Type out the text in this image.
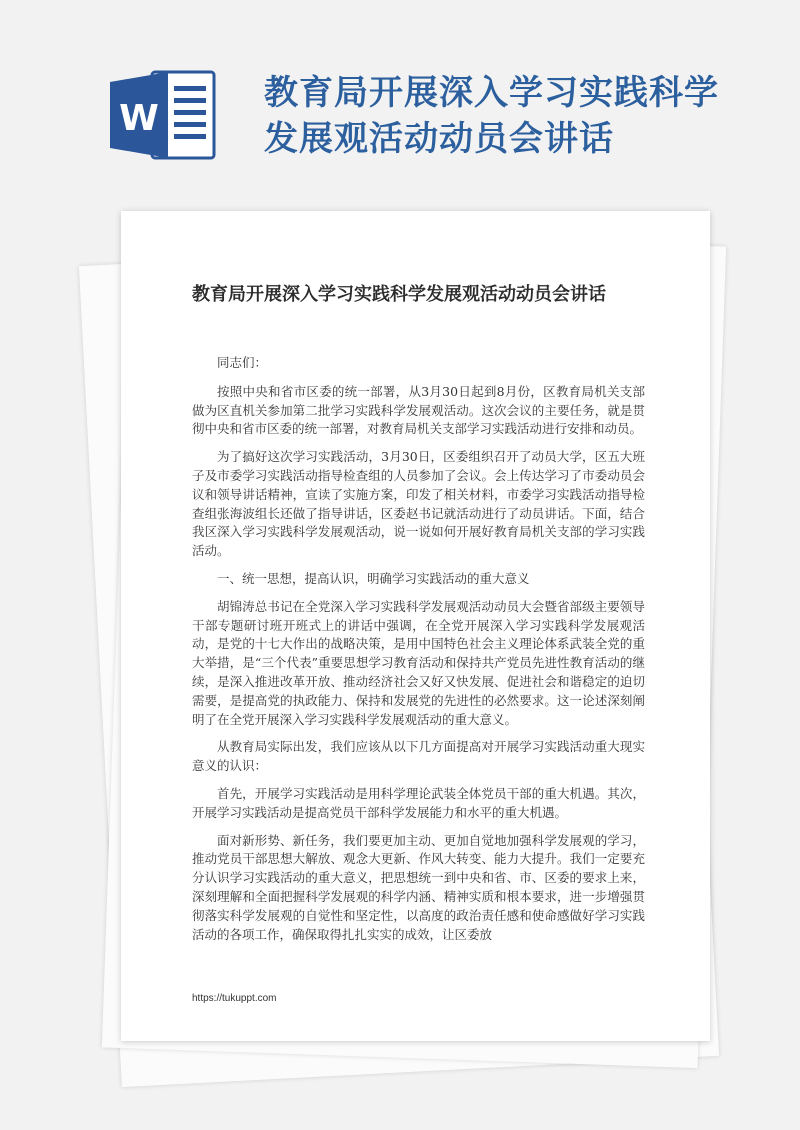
W
教育局开展深入学习实践科学
发展观活动动员会讲话
教育局开展深入学习实践科学发展观活动动员会讲话

同志们：

按照中央和省市区委的统一部署，从3月30日起到8月份，区教育局机关支部做为区直机关参加第二批学习实践科学发展观活动。这次会议的主要任务，就是贯彻中央和省市区委的统一部署，对教育局机关支部学习实践活动进行安排和动员。

为了搞好这次学习实践活动，3月30日，区委组织召开了动员大学，区五大班子及市委学习实践活动指导检查组的人员参加了会议。会上传达学习了市委动员会议和领导讲话精神，宣读了实施方案，印发了相关材料，市委学习实践活动指导检查组张海波组长还做了指导讲话，区委赵书记就活动进行了动员讲话。下面，结合我区深入学习实践科学发展观活动，说一说如何开展好教育局机关支部的学习实践活动。

一、统一思想，提高认识，明确学习实践活动的重大意义

胡锦涛总书记在全党深入学习实践科学发展观活动动员大会暨省部级主要领导干部专题研讨班开班式上的讲话中强调，在全党开展深入学习实践科学发展观活动，是党的十七大作出的战略决策，是用中国特色社会主义理论体系武装全党的重大举措，是“三个代表”重要思想学习教育活动和保持共产党员先进性教育活动的继续，是深入推进改革开放、推动经济社会又好又快发展、促进社会和谐稳定的迫切需要，是提高党的执政能力、保持和发展党的先进性的必然要求。这一论述深刻阐明了在全党开展深入学习实践科学发展观活动的重大意义。

从教育局实际出发，我们应该从以下几方面提高对开展学习实践活动重大现实意义的认识：

首先，开展学习实践活动是用科学理论武装全体党员干部的重大机遇。其次，开展学习实践活动是提高党员干部科学发展能力和水平的重大机遇。

面对新形势、新任务，我们要更加主动、更加自觉地加强科学发展观的学习，推动党员干部思想大解放、观念大更新、作风大转变、能力大提升。我们一定要充分认识学习实践活动的重大意义，把思想统一到中央和省、市、区委的要求上来，深刻理解和全面把握科学发展观的科学内涵、精神实质和根本要求，进一步增强贯彻落实科学发展观的自觉性和坚定性，以高度的政治责任感和使命感做好学习实践活动的各项工作，确保取得扎扎实实的成效，让区委放

https://tukuppt.com
